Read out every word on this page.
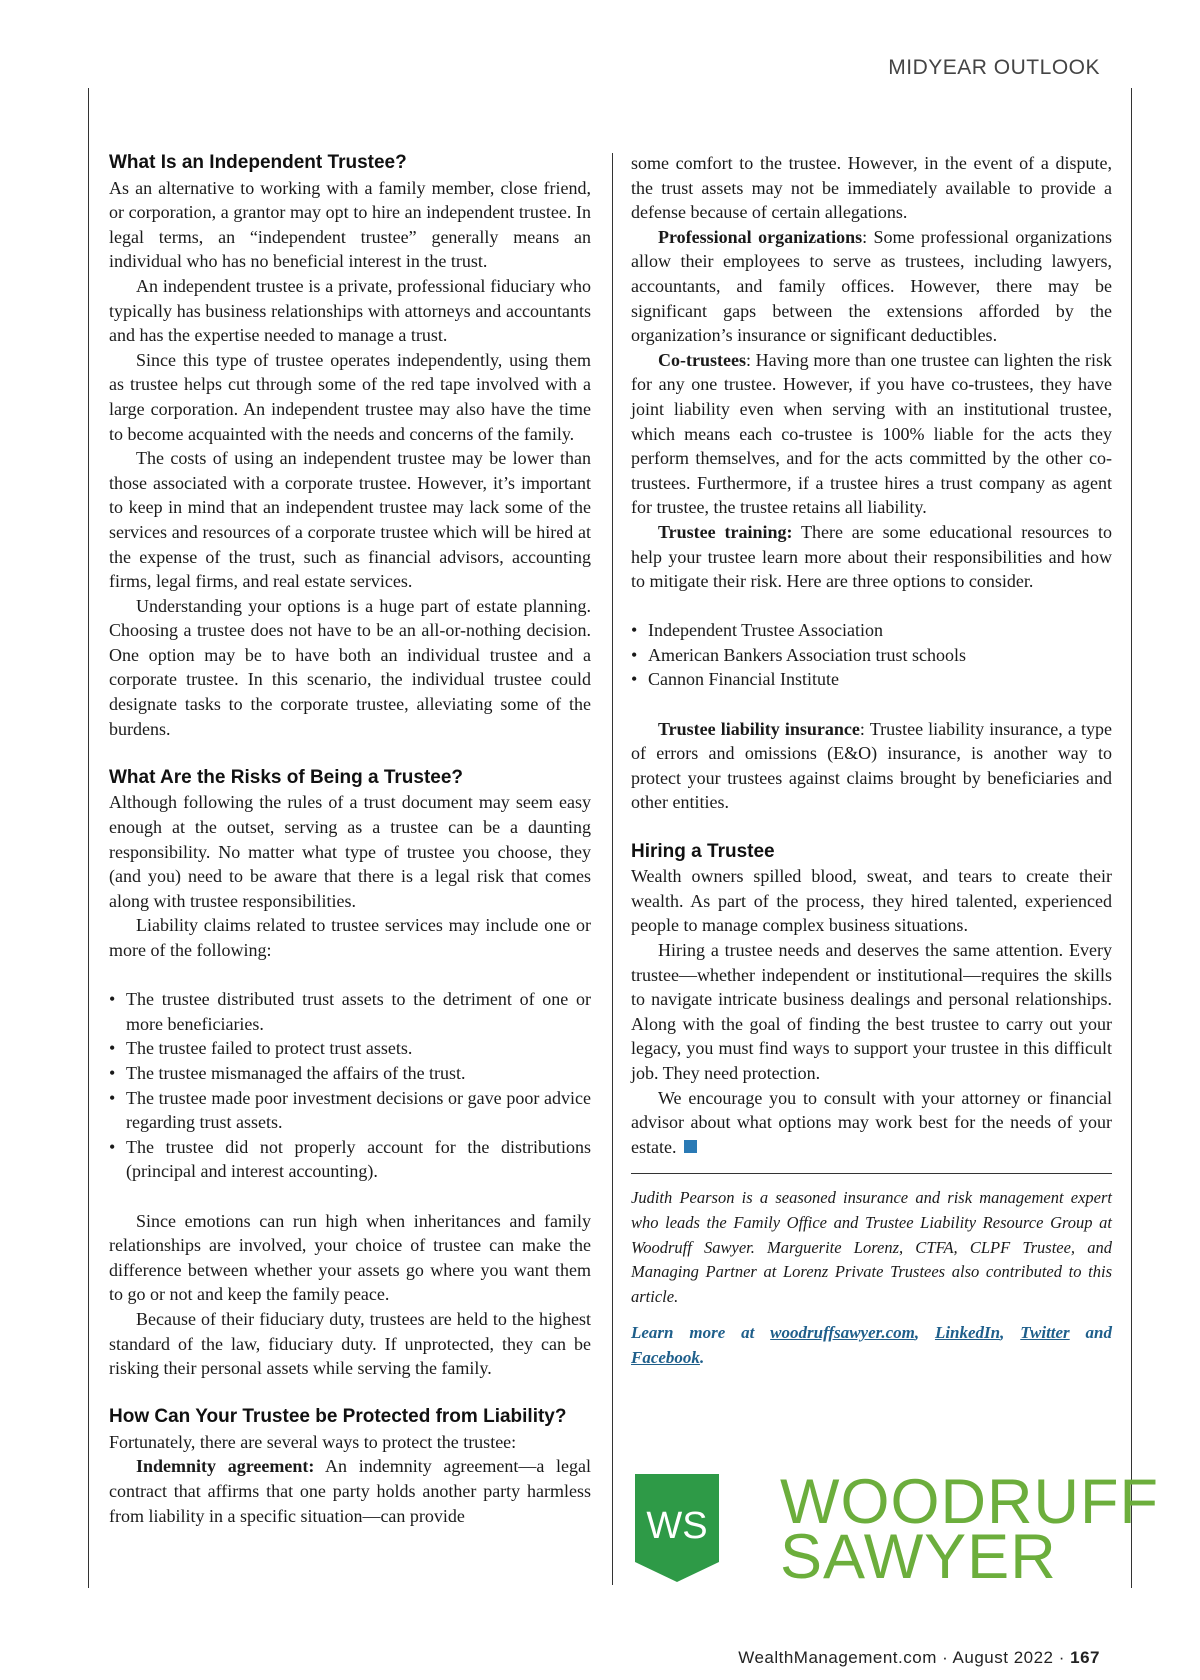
MIDYEAR OUTLOOK
What Is an Independent Trustee?

As an alternative to working with a family member, close friend, or corporation, a grantor may opt to hire an independent trustee. In legal terms, an “independent trustee” generally means an individual who has no beneficial interest in the trust.

An independent trustee is a private, professional fiduciary who typically has business relationships with attorneys and accountants and has the expertise needed to manage a trust.

Since this type of trustee operates independently, using them as trustee helps cut through some of the red tape involved with a large corporation. An independent trustee may also have the time to become acquainted with the needs and concerns of the family.

The costs of using an independent trustee may be lower than those associated with a corporate trustee. However, it’s important to keep in mind that an independent trustee may lack some of the services and resources of a corporate trustee which will be hired at the expense of the trust, such as financial advisors, accounting firms, legal firms, and real estate services.

Understanding your options is a huge part of estate planning. Choosing a trustee does not have to be an all-or-nothing decision. One option may be to have both an individual trustee and a corporate trustee. In this scenario, the individual trustee could designate tasks to the corporate trustee, alleviating some of the burdens.

What Are the Risks of Being a Trustee?

Although following the rules of a trust document may seem easy enough at the outset, serving as a trustee can be a daunting responsibility. No matter what type of trustee you choose, they (and you) need to be aware that there is a legal risk that comes along with trustee responsibilities.

Liability claims related to trustee services may include one or more of the following:

• The trustee distributed trust assets to the detriment of one or more beneficiaries.
• The trustee failed to protect trust assets.
• The trustee mismanaged the affairs of the trust.
• The trustee made poor investment decisions or gave poor advice regarding trust assets.
• The trustee did not properly account for the distributions (principal and interest accounting).

Since emotions can run high when inheritances and family relationships are involved, your choice of trustee can make the difference between whether your assets go where you want them to go or not and keep the family peace.

Because of their fiduciary duty, trustees are held to the highest standard of the law, fiduciary duty. If unprotected, they can be risking their personal assets while serving the family.

How Can Your Trustee be Protected from Liability?

Fortunately, there are several ways to protect the trustee:

Indemnity agreement: An indemnity agreement—a legal contract that affirms that one party holds another party harmless from liability in a specific situation—can provide

some comfort to the trustee. However, in the event of a dispute, the trust assets may not be immediately available to provide a defense because of certain allegations.

Professional organizations: Some professional organizations allow their employees to serve as trustees, including lawyers, accountants, and family offices. However, there may be significant gaps between the extensions afforded by the organization’s insurance or significant deductibles.

Co-trustees: Having more than one trustee can lighten the risk for any one trustee. However, if you have co-trustees, they have joint liability even when serving with an institutional trustee, which means each co-trustee is 100% liable for the acts they perform themselves, and for the acts committed by the other co-trustees. Furthermore, if a trustee hires a trust company as agent for trustee, the trustee retains all liability.

Trustee training: There are some educational resources to help your trustee learn more about their responsibilities and how to mitigate their risk. Here are three options to consider.

• Independent Trustee Association
• American Bankers Association trust schools
• Cannon Financial Institute

Trustee liability insurance: Trustee liability insurance, a type of errors and omissions (E&O) insurance, is another way to protect your trustees against claims brought by beneficiaries and other entities.

Hiring a Trustee

Wealth owners spilled blood, sweat, and tears to create their wealth. As part of the process, they hired talented, experienced people to manage complex business situations.

Hiring a trustee needs and deserves the same attention. Every trustee—whether independent or institutional—requires the skills to navigate intricate business dealings and personal relationships. Along with the goal of finding the best trustee to carry out your legacy, you must find ways to support your trustee in this difficult job. They need protection.

We encourage you to consult with your attorney or financial advisor about what options may work best for the needs of your estate.

Judith Pearson is a seasoned insurance and risk management expert who leads the Family Office and Trustee Liability Resource Group at Woodruff Sawyer. Marguerite Lorenz, CTFA, CLPF Trustee, and Managing Partner at Lorenz Private Trustees also contributed to this article.

Learn more at woodruffsawyer.com, LinkedIn, Twitter and Facebook.

WS WOODRUFF
SAWYER
WealthManagement.com · August 2022 · 167
